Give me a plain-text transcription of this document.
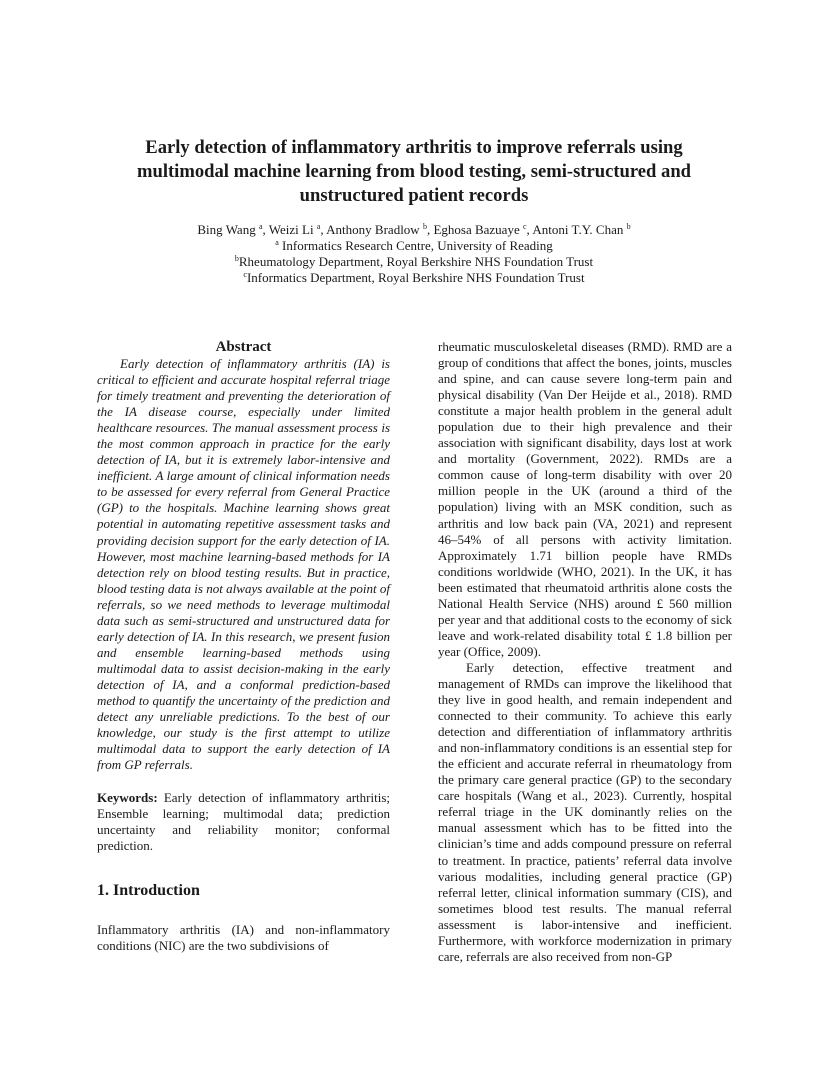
Early detection of inflammatory arthritis to improve referrals using multimodal machine learning from blood testing, semi-structured and unstructured patient records
Bing Wang $^a$, Weizi Li $^a$, Anthony Bradlow $^b$, Eghosa Bazuaye $^c$, Antoni T.Y. Chan $^b$
$^a$ Informatics Research Centre, University of Reading
$^b$Rheumatology Department, Royal Berkshire NHS Foundation Trust
$^c$Informatics Department, Royal Berkshire NHS Foundation Trust
Abstract

Early detection of inflammatory arthritis (IA) is critical to efficient and accurate hospital referral triage for timely treatment and preventing the deterioration of the IA disease course, especially under limited healthcare resources. The manual assessment process is the most common approach in practice for the early detection of IA, but it is extremely labor-intensive and inefficient. A large amount of clinical information needs to be assessed for every referral from General Practice (GP) to the hospitals. Machine learning shows great potential in automating repetitive assessment tasks and providing decision support for the early detection of IA. However, most machine learning-based methods for IA detection rely on blood testing results. But in practice, blood testing data is not always available at the point of referrals, so we need methods to leverage multimodal data such as semi-structured and unstructured data for early detection of IA. In this research, we present fusion and ensemble learning-based methods using multimodal data to assist decision-making in the early detection of IA, and a conformal prediction-based method to quantify the uncertainty of the prediction and detect any unreliable predictions. To the best of our knowledge, our study is the first attempt to utilize multimodal data to support the early detection of IA from GP referrals.

Keywords: Early detection of inflammatory arthritis; Ensemble learning; multimodal data; prediction uncertainty and reliability monitor; conformal prediction.

1. Introduction

Inflammatory arthritis (IA) and non-inflammatory conditions (NIC) are the two subdivisions of

rheumatic musculoskeletal diseases (RMD). RMD are a group of conditions that affect the bones, joints, muscles and spine, and can cause severe long-term pain and physical disability (Van Der Heijde et al., 2018). RMD constitute a major health problem in the general adult population due to their high prevalence and their association with significant disability, days lost at work and mortality (Government, 2022). RMDs are a common cause of long-term disability with over 20 million people in the UK (around a third of the population) living with an MSK condition, such as arthritis and low back pain (VA, 2021) and represent 46–54% of all persons with activity limitation. Approximately 1.71 billion people have RMDs conditions worldwide (WHO, 2021). In the UK, it has been estimated that rheumatoid arthritis alone costs the National Health Service (NHS) around £ 560 million per year and that additional costs to the economy of sick leave and work-related disability total £ 1.8 billion per year (Office, 2009).

Early detection, effective treatment and management of RMDs can improve the likelihood that they live in good health, and remain independent and connected to their community. To achieve this early detection and differentiation of inflammatory arthritis and non-inflammatory conditions is an essential step for the efficient and accurate referral in rheumatology from the primary care general practice (GP) to the secondary care hospitals (Wang et al., 2023). Currently, hospital referral triage in the UK dominantly relies on the manual assessment which has to be fitted into the clinician’s time and adds compound pressure on referral to treatment. In practice, patients’ referral data involve various modalities, including general practice (GP) referral letter, clinical information summary (CIS), and sometimes blood test results. The manual referral assessment is labor-intensive and inefficient. Furthermore, with workforce modernization in primary care, referrals are also received from non-GP
